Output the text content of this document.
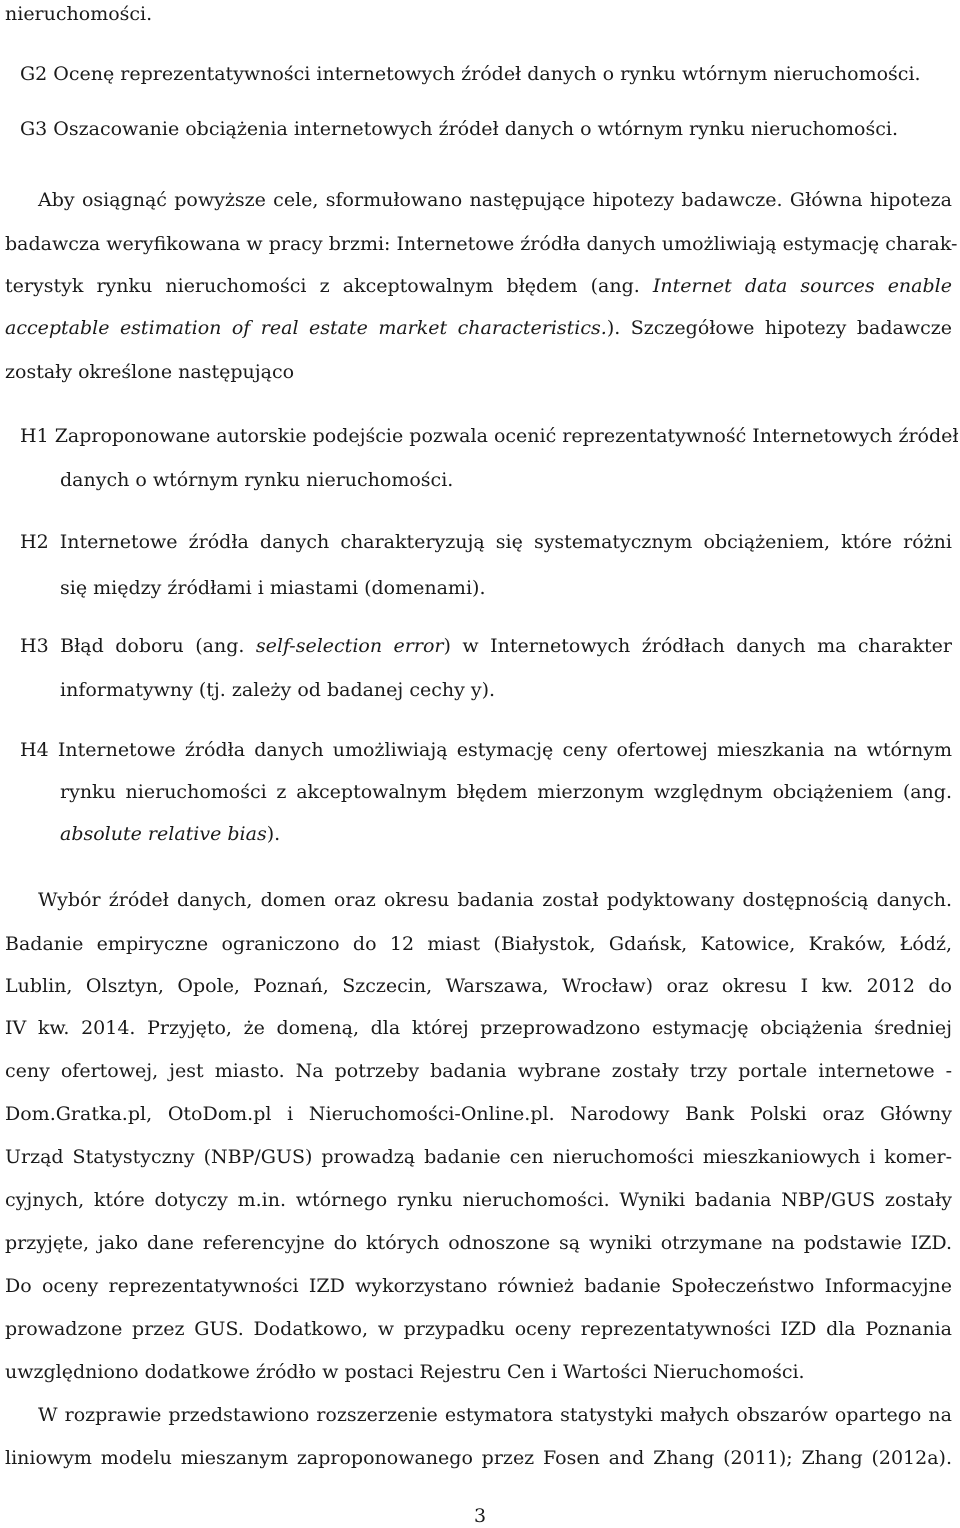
nieruchomości.
G2 Ocenę reprezentatywności internetowych źródeł danych o rynku wtórnym nieruchomości.
G3 Oszacowanie obciążenia internetowych źródeł danych o wtórnym rynku nieruchomości.
Aby osiągnąć powyższe cele, sformułowano następujące hipotezy badawcze. Główna hipoteza
badawcza weryfikowana w pracy brzmi: Internetowe źródła danych umożliwiają estymację charak-
terystyk rynku nieruchomości z akceptowalnym błędem (ang. Internet data sources enable
acceptable estimation of real estate market characteristics.). Szczegółowe hipotezy badawcze
zostały określone następująco
H1 Zaproponowane autorskie podejście pozwala ocenić reprezentatywność Internetowych źródeł
danych o wtórnym rynku nieruchomości.
H2 Internetowe źródła danych charakteryzują się systematycznym obciążeniem, które różni
się między źródłami i miastami (domenami).
H3 Błąd doboru (ang. self-selection error) w Internetowych źródłach danych ma charakter
informatywny (tj. zależy od badanej cechy y).
H4 Internetowe źródła danych umożliwiają estymację ceny ofertowej mieszkania na wtórnym
rynku nieruchomości z akceptowalnym błędem mierzonym względnym obciążeniem (ang.
absolute relative bias).
Wybór źródeł danych, domen oraz okresu badania został podyktowany dostępnością danych.
Badanie empiryczne ograniczono do 12 miast (Białystok, Gdańsk, Katowice, Kraków, Łódź,
Lublin, Olsztyn, Opole, Poznań, Szczecin, Warszawa, Wrocław) oraz okresu I kw. 2012 do
IV kw. 2014. Przyjęto, że domeną, dla której przeprowadzono estymację obciążenia średniej
ceny ofertowej, jest miasto. Na potrzeby badania wybrane zostały trzy portale internetowe -
Dom.Gratka.pl, OtoDom.pl i Nieruchomości-Online.pl. Narodowy Bank Polski oraz Główny
Urząd Statystyczny (NBP/GUS) prowadzą badanie cen nieruchomości mieszkaniowych i komer-
cyjnych, które dotyczy m.in. wtórnego rynku nieruchomości. Wyniki badania NBP/GUS zostały
przyjęte, jako dane referencyjne do których odnoszone są wyniki otrzymane na podstawie IZD.
Do oceny reprezentatywności IZD wykorzystano również badanie Społeczeństwo Informacyjne
prowadzone przez GUS. Dodatkowo, w przypadku oceny reprezentatywności IZD dla Poznania
uwzględniono dodatkowe źródło w postaci Rejestru Cen i Wartości Nieruchomości.
W rozprawie przedstawiono rozszerzenie estymatora statystyki małych obszarów opartego na
liniowym modelu mieszanym zaproponowanego przez Fosen and Zhang (2011); Zhang (2012a).
3
